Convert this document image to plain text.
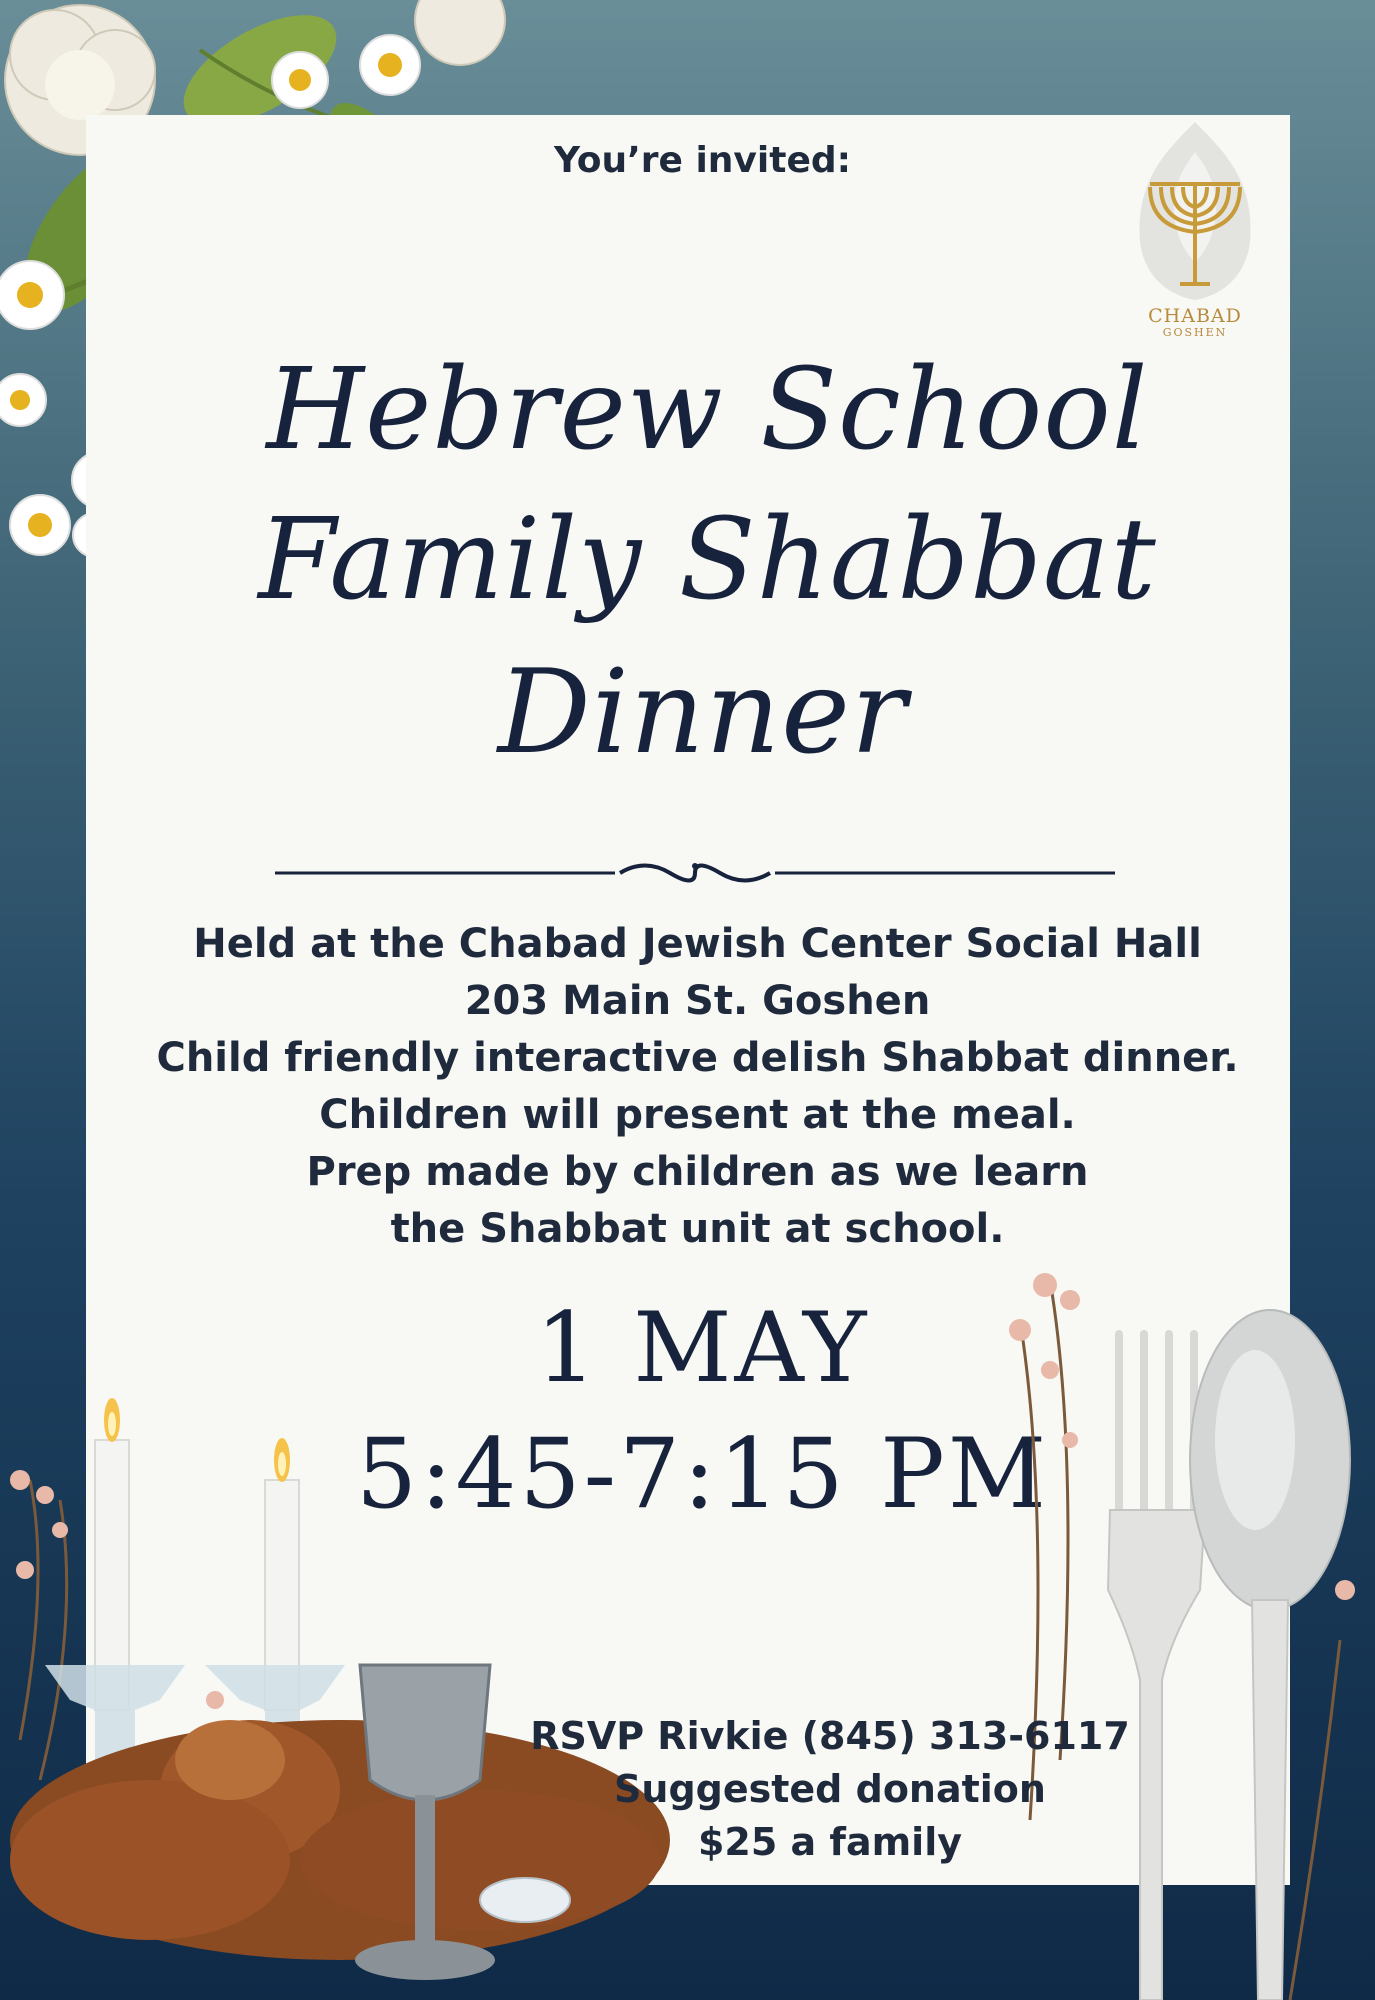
CHABAD
GOSHEN
You’re invited:
Hebrew School
Family Shabbat
Dinner
Held at the Chabad Jewish Center Social Hall
203 Main St. Goshen
Child friendly interactive delish Shabbat dinner.
Children will present at the meal.
Prep made by children as we learn
the Shabbat unit at school.
1 MAY
5:45-7:15 PM
RSVP Rivkie (845) 313-6117
Suggested donation
$25 a family
